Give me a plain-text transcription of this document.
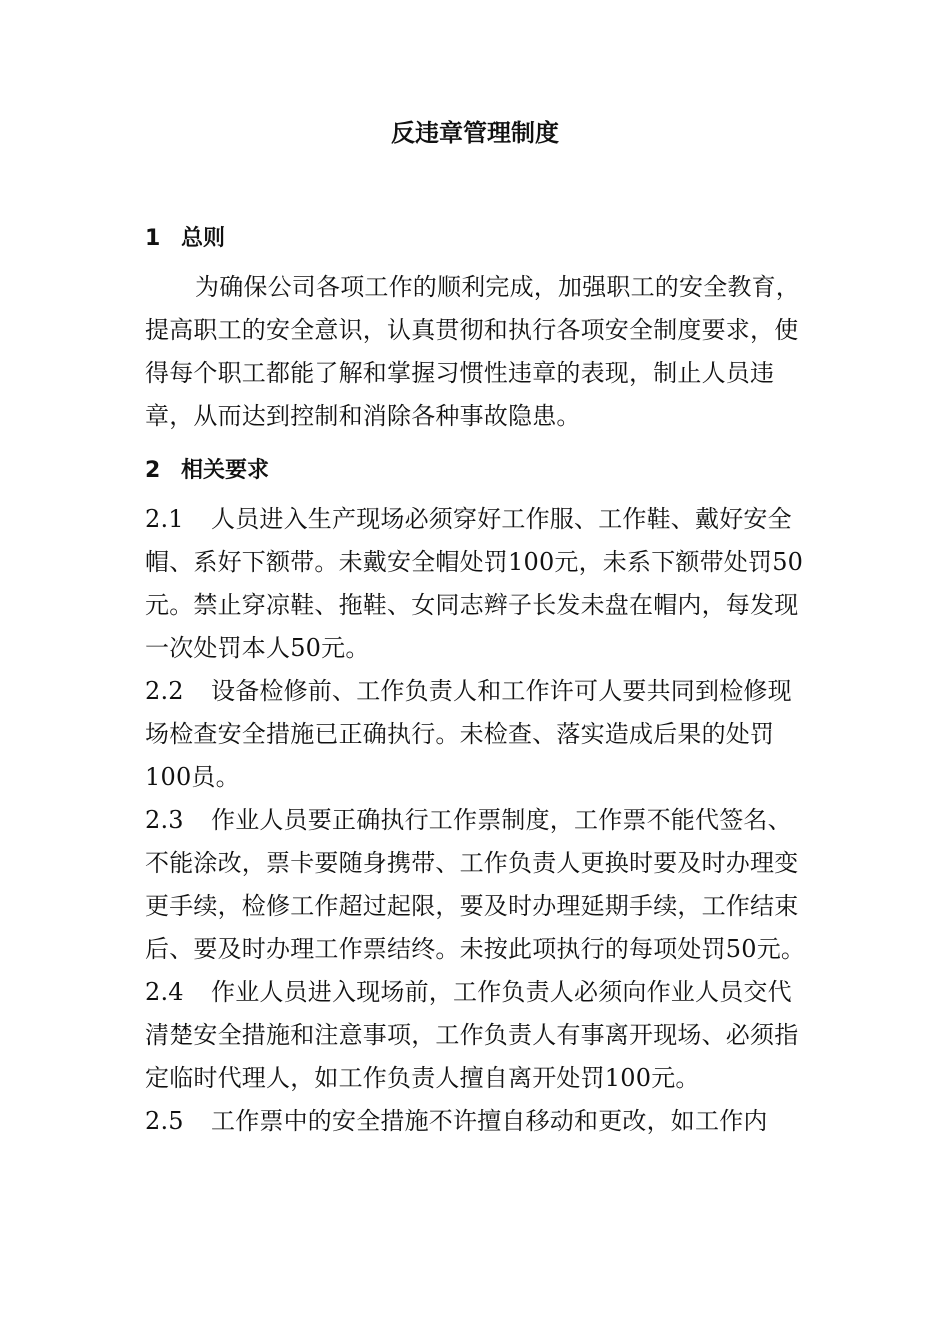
反违章管理制度
1 总则

为确保公司各项工作的顺利完成，加强职工的安全教育，提高职工的安全意识，认真贯彻和执行各项安全制度要求，使得每个职工都能了解和掌握习惯性违章的表现，制止人员违章，从而达到控制和消除各种事故隐患。

2 相关要求

2.1 人员进入生产现场必须穿好工作服、工作鞋、戴好安全帽、系好下额带。未戴安全帽处罚100元，未系下额带处罚50元。禁止穿凉鞋、拖鞋、女同志辫子长发未盘在帽内，每发现一次处罚本人50元。

2.2 设备检修前、工作负责人和工作许可人要共同到检修现场检查安全措施已正确执行。未检查、落实造成后果的处罚100员。

2.3 作业人员要正确执行工作票制度，工作票不能代签名、不能涂改，票卡要随身携带、工作负责人更换时要及时办理变更手续，检修工作超过起限，要及时办理延期手续，工作结束后、要及时办理工作票结终。未按此项执行的每项处罚50元。

2.4 作业人员进入现场前，工作负责人必须向作业人员交代清楚安全措施和注意事项，工作负责人有事离开现场、必须指定临时代理人，如工作负责人擅自离开处罚100元。

2.5 工作票中的安全措施不许擅自移动和更改，如工作内
